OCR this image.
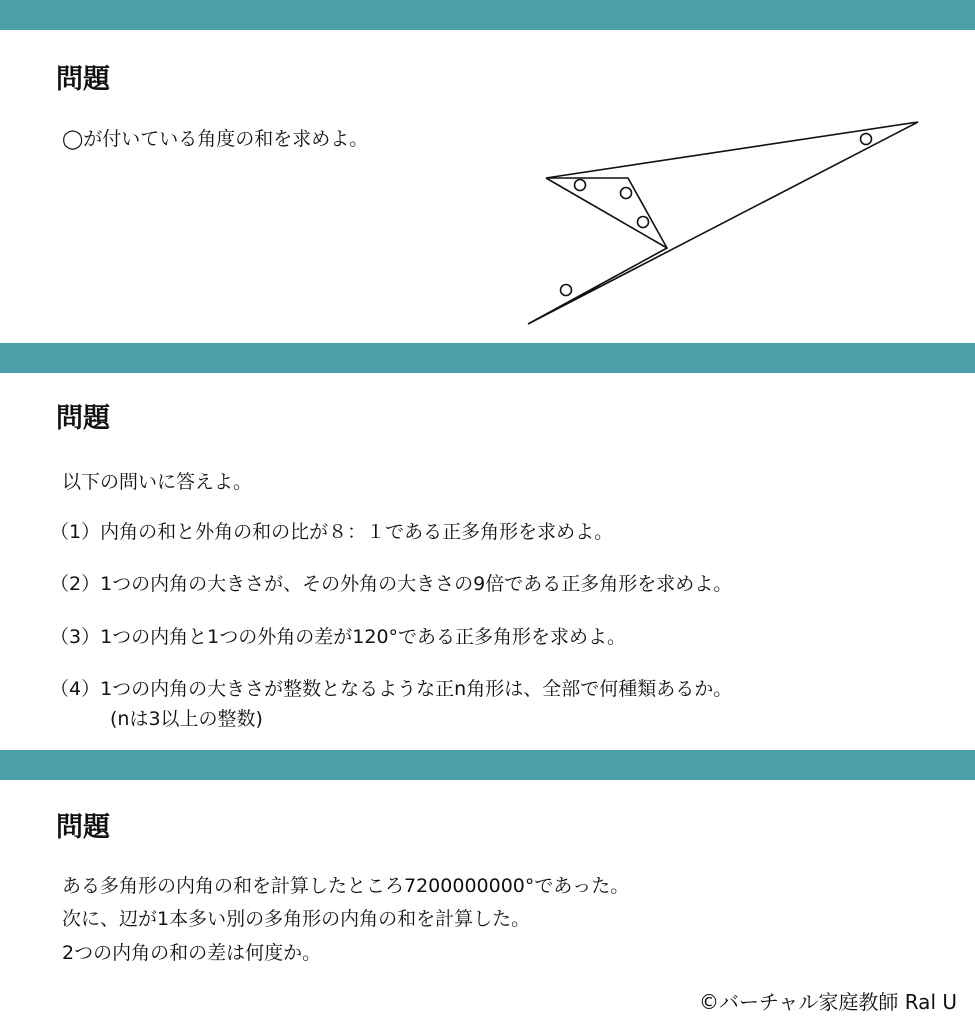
問題
◯が付いている角度の和を求めよ。
問題
以下の問いに答えよ。
（1）内角の和と外角の和の比が８：１である正多角形を求めよ。
（2）1つの内角の大きさが、その外角の大きさの9倍である正多角形を求めよ。
（3）1つの内角と1つの外角の差が120°である正多角形を求めよ。
（4）1つの内角の大きさが整数となるような正n角形は、全部で何種類あるか。
(nは3以上の整数)
問題
ある多角形の内角の和を計算したところ7200000000°であった。
次に、辺が1本多い別の多角形の内角の和を計算した。
2つの内角の和の差は何度か。
©バーチャル家庭教師 Ral U
